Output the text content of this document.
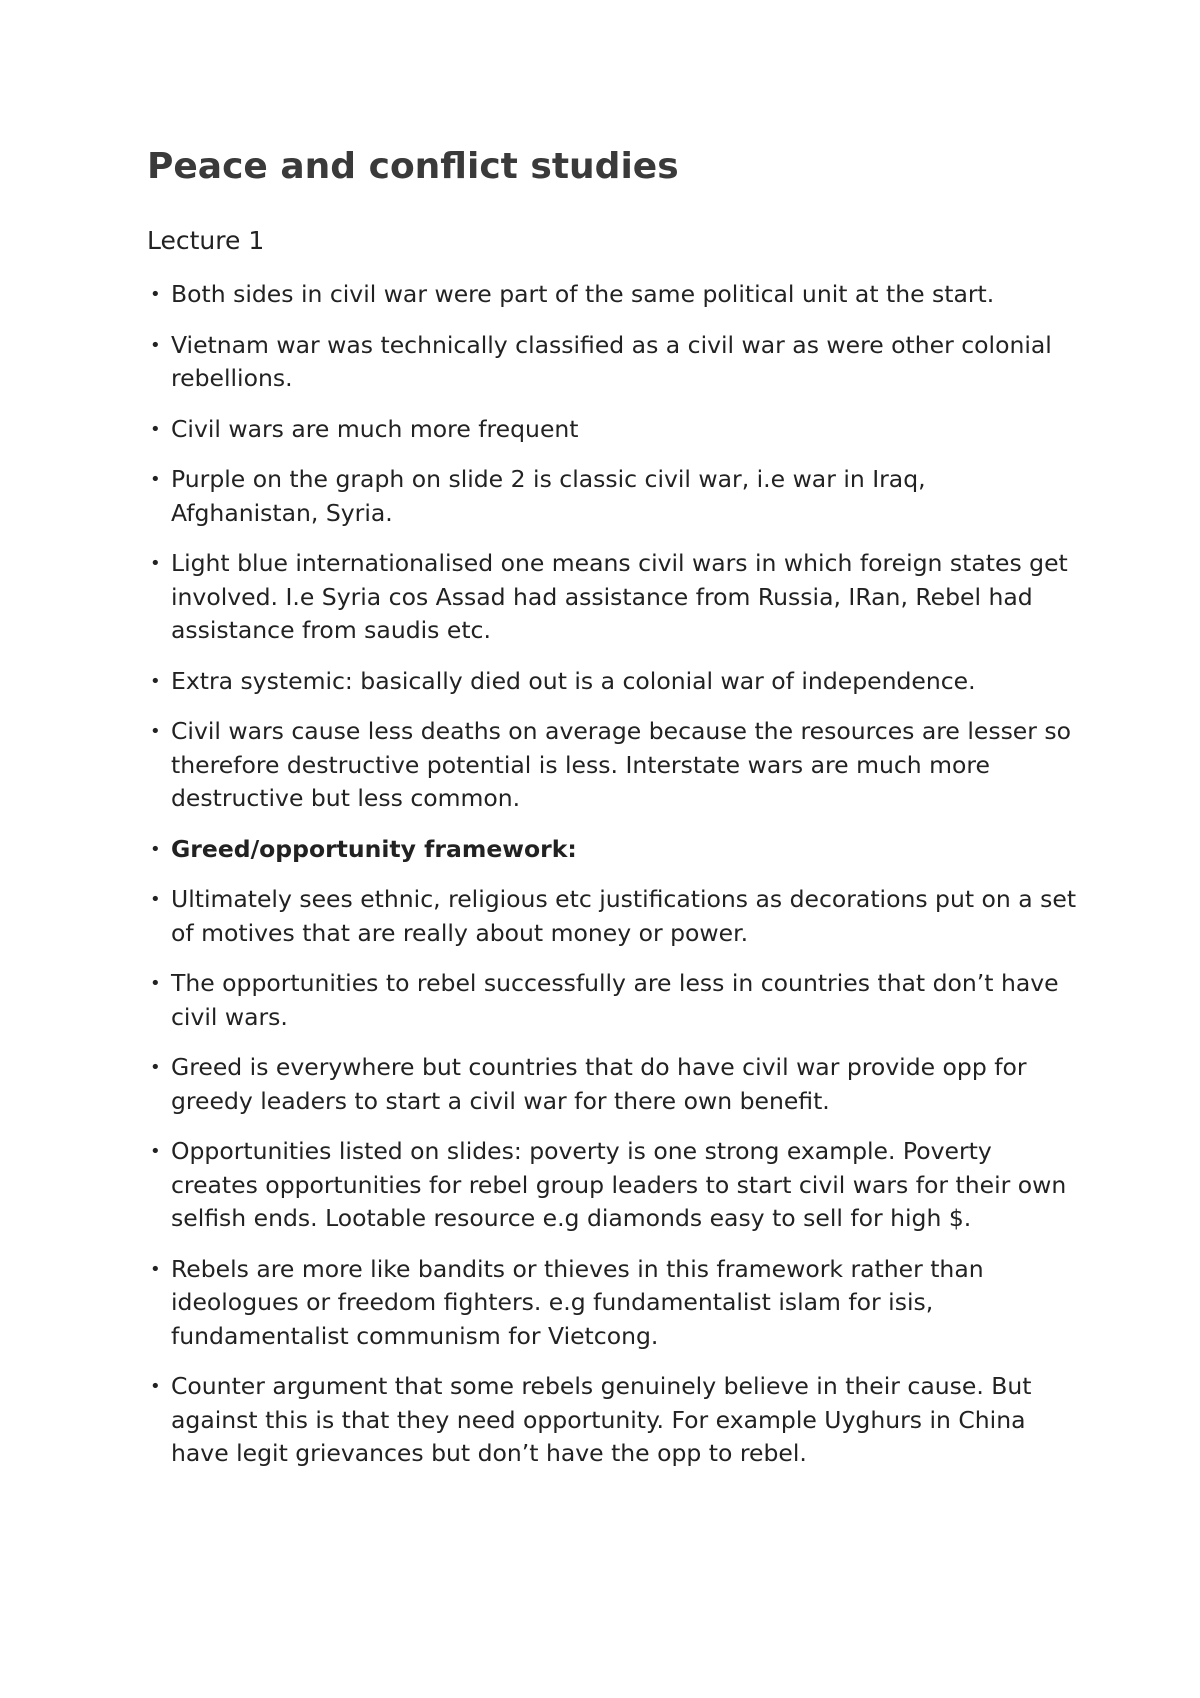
Peace and conflict studies
Lecture 1
• Both sides in civil war were part of the same political unit at the start.
• Vietnam war was technically classified as a civil war as were other colonial rebellions.
• Civil wars are much more frequent
• Purple on the graph on slide 2 is classic civil war, i.e war in Iraq, Afghanistan, Syria.
• Light blue internationalised one means civil wars in which foreign states get involved. I.e Syria cos Assad had assistance from Russia, IRan, Rebel had assistance from saudis etc.
• Extra systemic: basically died out is a colonial war of independence.
• Civil wars cause less deaths on average because the resources are lesser so therefore destructive potential is less. Interstate wars are much more destructive but less common.
• Greed/opportunity framework:
• Ultimately sees ethnic, religious etc justifications as decorations put on a set of motives that are really about money or power.
• The opportunities to rebel successfully are less in countries that don’t have civil wars.
• Greed is everywhere but countries that do have civil war provide opp for greedy leaders to start a civil war for there own benefit.
• Opportunities listed on slides: poverty is one strong example. Poverty creates opportunities for rebel group leaders to start civil wars for their own selfish ends. Lootable resource e.g diamonds easy to sell for high $.
• Rebels are more like bandits or thieves in this framework rather than ideologues or freedom fighters. e.g fundamentalist islam for isis, fundamentalist communism for Vietcong.
• Counter argument that some rebels genuinely believe in their cause. But against this is that they need opportunity. For example Uyghurs in China have legit grievances but don’t have the opp to rebel.
